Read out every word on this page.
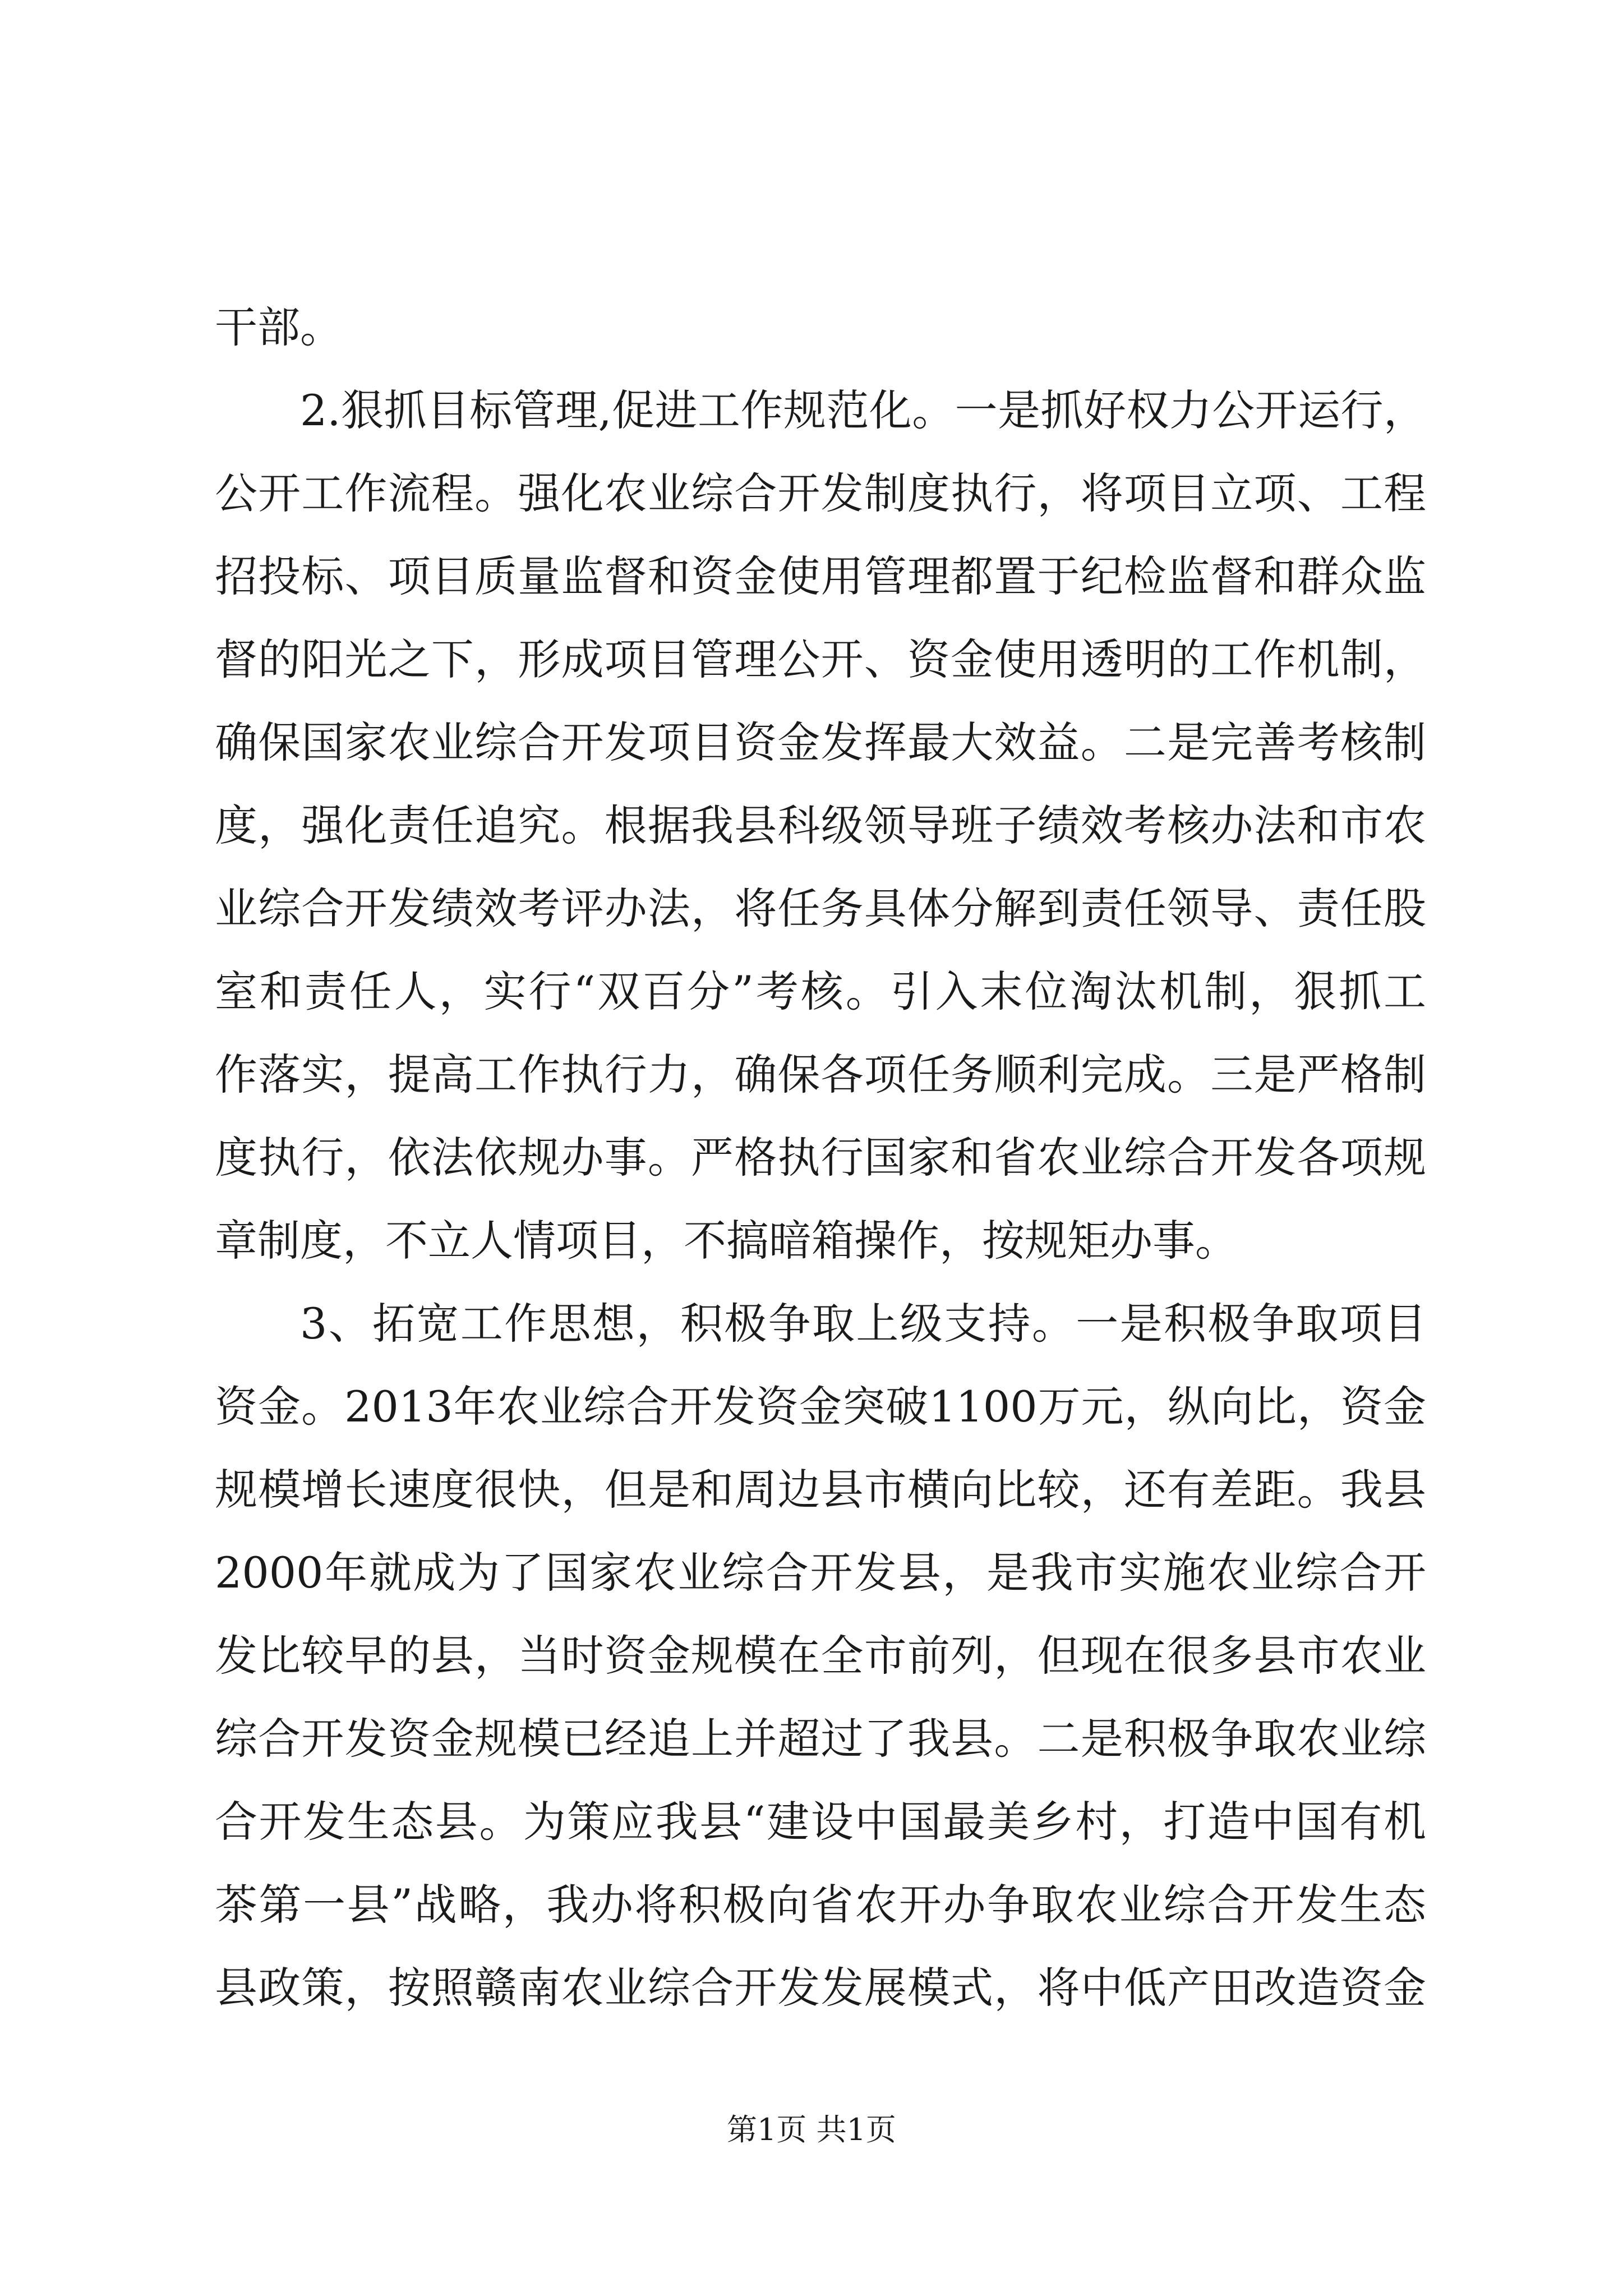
干部。
2.狠抓目标管理,促进工作规范化。一是抓好权力公开运行，
公开工作流程。强化农业综合开发制度执行，将项目立项、工程
招投标、项目质量监督和资金使用管理都置于纪检监督和群众监
督的阳光之下，形成项目管理公开、资金使用透明的工作机制，
确保国家农业综合开发项目资金发挥最大效益。二是完善考核制
度，强化责任追究。根据我县科级领导班子绩效考核办法和市农
业综合开发绩效考评办法，将任务具体分解到责任领导、责任股
室和责任人，实行“双百分”考核。引入末位淘汰机制，狠抓工
作落实，提高工作执行力，确保各项任务顺利完成。三是严格制
度执行，依法依规办事。严格执行国家和省农业综合开发各项规
章制度，不立人情项目，不搞暗箱操作，按规矩办事。
3、拓宽工作思想，积极争取上级支持。一是积极争取项目
资金。2013年农业综合开发资金突破1100万元，纵向比，资金
规模增长速度很快，但是和周边县市横向比较，还有差距。我县
2000年就成为了国家农业综合开发县，是我市实施农业综合开
发比较早的县，当时资金规模在全市前列，但现在很多县市农业
综合开发资金规模已经追上并超过了我县。二是积极争取农业综
合开发生态县。为策应我县“建设中国最美乡村，打造中国有机
茶第一县”战略，我办将积极向省农开办争取农业综合开发生态
县政策，按照赣南农业综合开发发展模式，将中低产田改造资金
第1页 共1页
